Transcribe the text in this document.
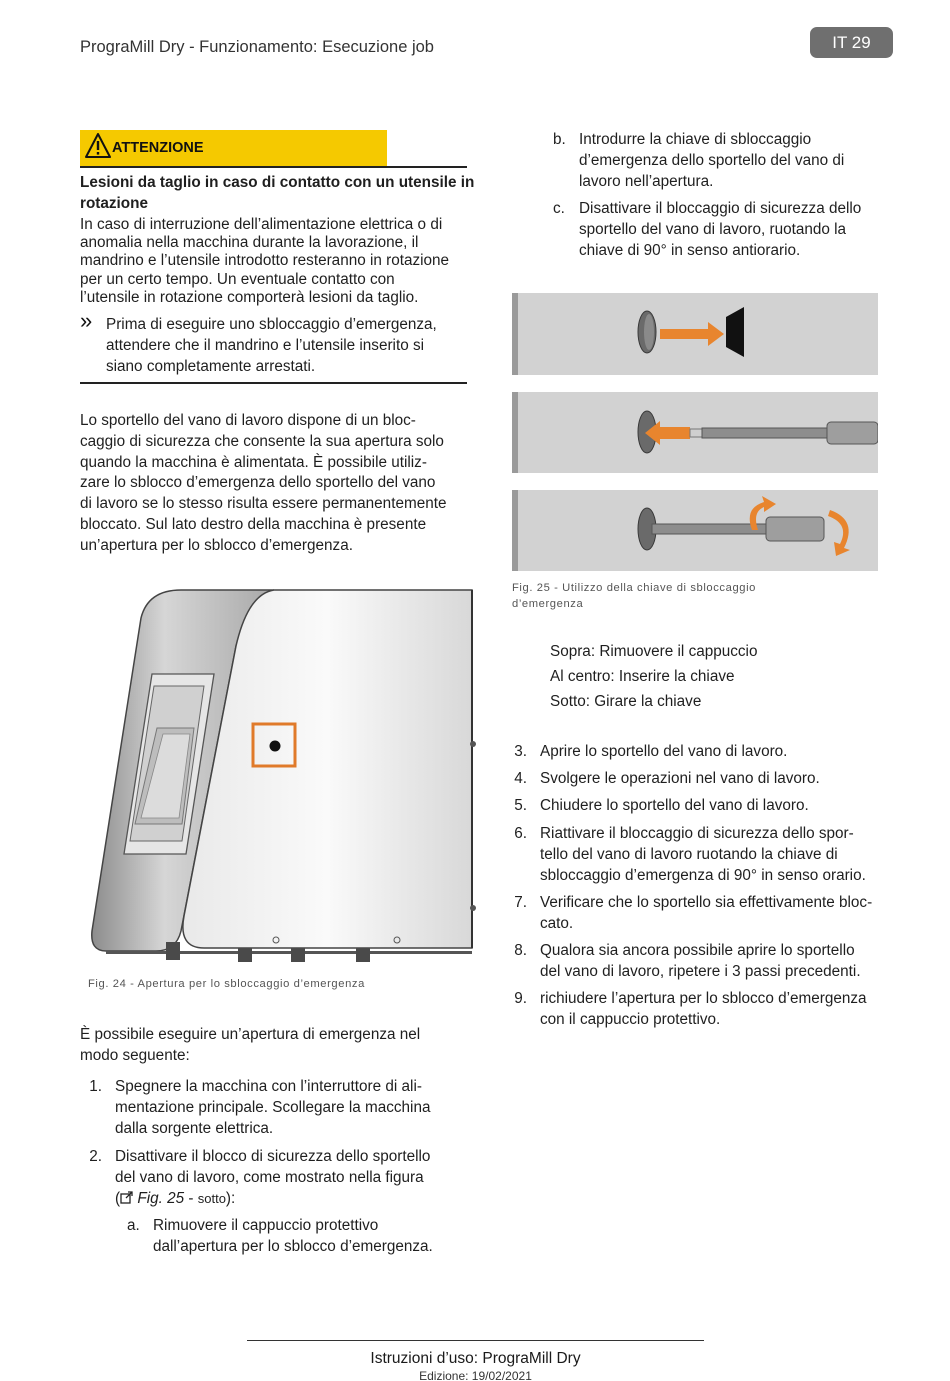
PrograMill Dry - Funzionamento: Esecuzione job	IT 29
ATTENZIONE
Lesioni da taglio in caso di contatto con un utensile in
rotazione
In caso di interruzione dell’alimentazione elettrica o di
anomalia nella macchina durante la lavorazione, il
mandrino e l’utensile introdotto resteranno in rotazione
per un certo tempo. Un eventuale contatto con
l’utensile in rotazione comporterà lesioni da taglio.
» Prima di eseguire uno sbloccaggio d’emergenza,
attendere che il mandrino e l’utensile inserito si
siano completamente arrestati.
Lo sportello del vano di lavoro dispone di un bloc-
caggio di sicurezza che consente la sua apertura solo
quando la macchina è alimentata. È possibile utiliz-
zare lo sblocco d’emergenza dello sportello del vano
di lavoro se lo stesso risulta essere permanentemente
bloccato. Sul lato destro della macchina è presente
un’apertura per lo sblocco d’emergenza.
Fig. 24 - Apertura per lo sbloccaggio d’emergenza
È possibile eseguire un’apertura di emergenza nel
modo seguente:
1. Spegnere la macchina con l’interruttore di ali-
mentazione principale. Scollegare la macchina
dalla sorgente elettrica.
2. Disattivare il blocco di sicurezza dello sportello
del vano di lavoro, come mostrato nella figura
( Fig. 25 - sotto):
a. Rimuovere il cappuccio protettivo
dall’apertura per lo sblocco d’emergenza.
b. Introdurre la chiave di sbloccaggio
d’emergenza dello sportello del vano di
lavoro nell’apertura.
c. Disattivare il bloccaggio di sicurezza dello
sportello del vano di lavoro, ruotando la
chiave di 90° in senso antiorario.
Fig. 25 - Utilizzo della chiave di sbloccaggio
d’emergenza
Sopra: Rimuovere il cappuccio
Al centro: Inserire la chiave
Sotto: Girare la chiave
3. Aprire lo sportello del vano di lavoro.
4. Svolgere le operazioni nel vano di lavoro.
5. Chiudere lo sportello del vano di lavoro.
6. Riattivare il bloccaggio di sicurezza dello spor-
tello del vano di lavoro ruotando la chiave di
sbloccaggio d’emergenza di 90° in senso orario.
7. Verificare che lo sportello sia effettivamente bloc-
cato.
8. Qualora sia ancora possibile aprire lo sportello
del vano di lavoro, ripetere i 3 passi precedenti.
9. richiudere l’apertura per lo sblocco d’emergenza
con il cappuccio protettivo.
Istruzioni d’uso: PrograMill Dry
Edizione: 19/02/2021
